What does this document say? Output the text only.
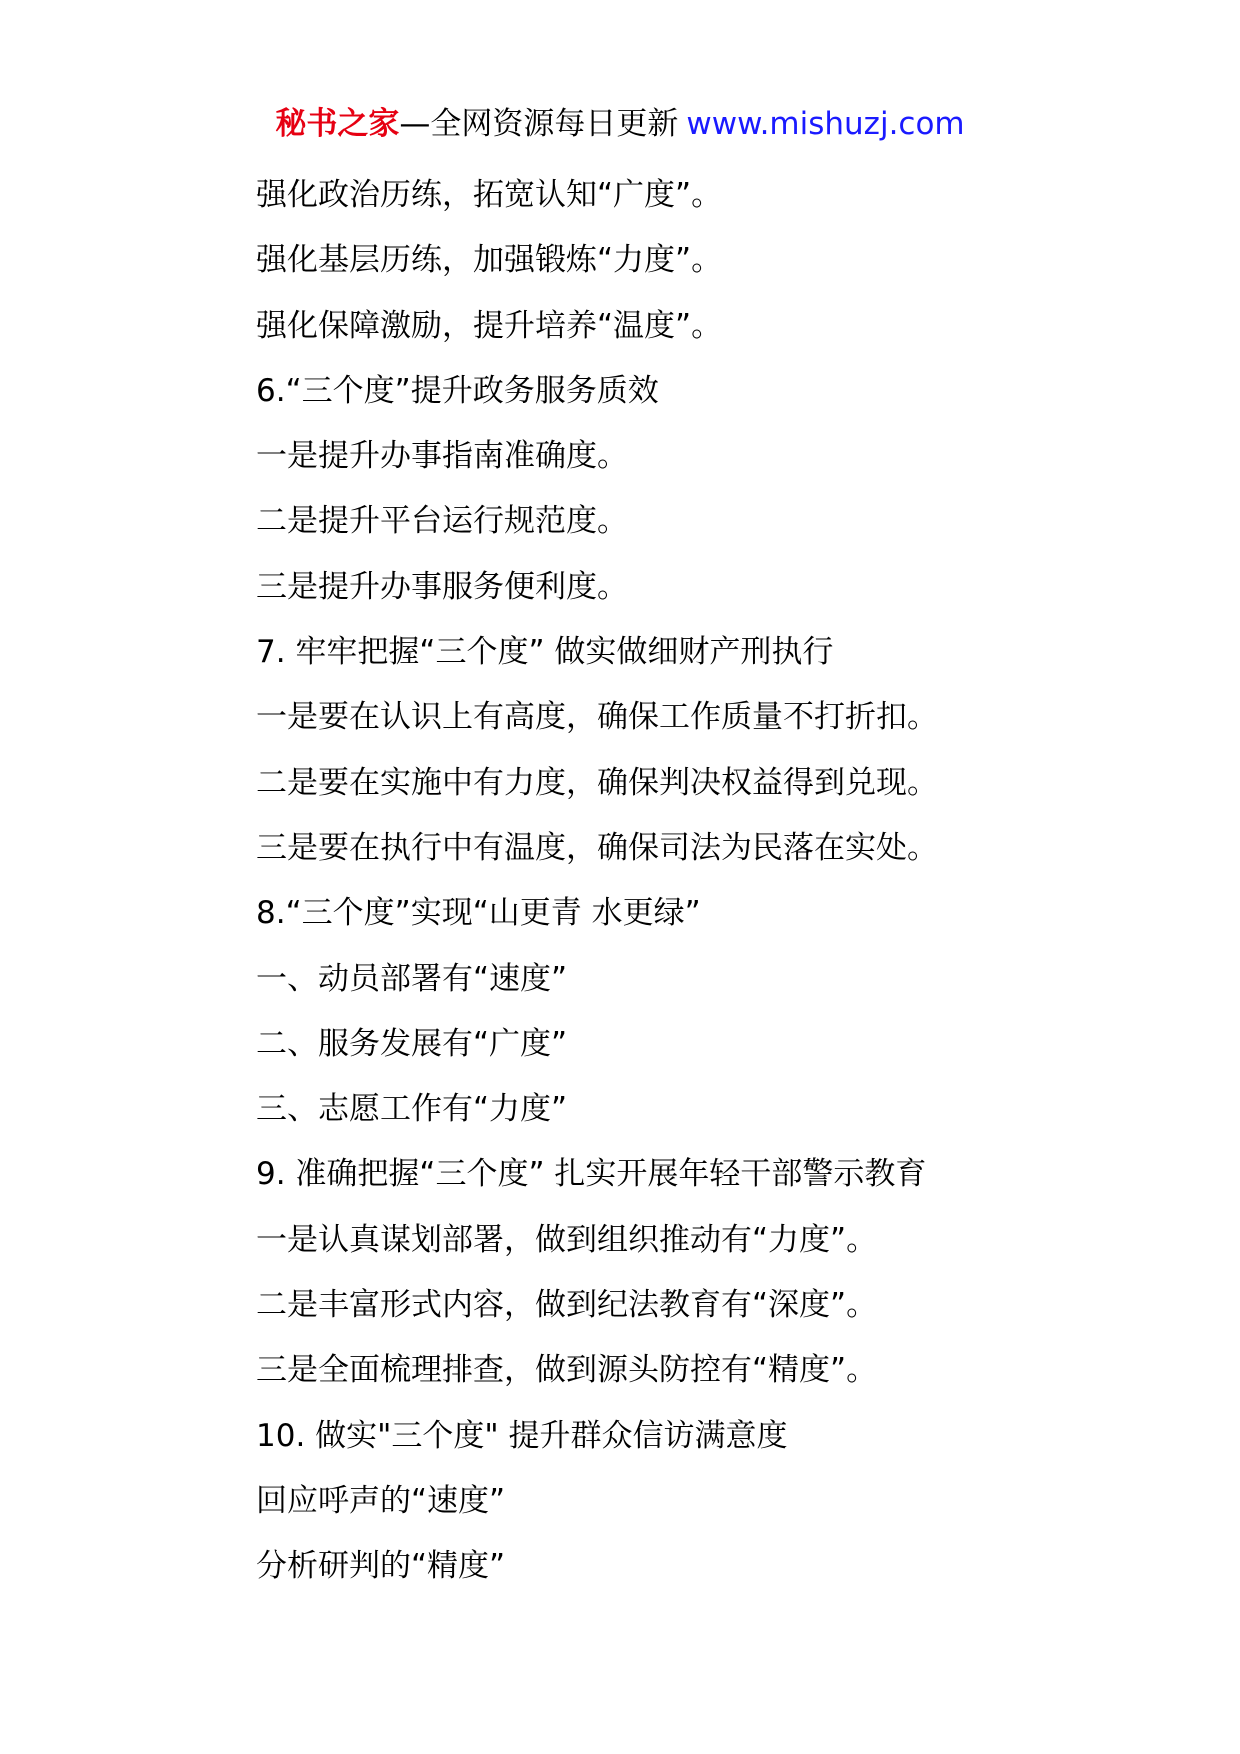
秘书之家—全网资源每日更新 www.mishuzj.com
强化政治历练，拓宽认知“广度”。
强化基层历练，加强锻炼“力度”。
强化保障激励，提升培养“温度”。
6.“三个度”提升政务服务质效
一是提升办事指南准确度。
二是提升平台运行规范度。
三是提升办事服务便利度。
7. 牢牢把握“三个度” 做实做细财产刑执行
一是要在认识上有高度，确保工作质量不打折扣。
二是要在实施中有力度，确保判决权益得到兑现。
三是要在执行中有温度，确保司法为民落在实处。
8.“三个度”实现“山更青 水更绿”
一、动员部署有“速度”
二、服务发展有“广度”
三、志愿工作有“力度”
9. 准确把握“三个度” 扎实开展年轻干部警示教育
一是认真谋划部署，做到组织推动有“力度”。
二是丰富形式内容，做到纪法教育有“深度”。
三是全面梳理排查，做到源头防控有“精度”。
10. 做实"三个度" 提升群众信访满意度
回应呼声的“速度”
分析研判的“精度”
